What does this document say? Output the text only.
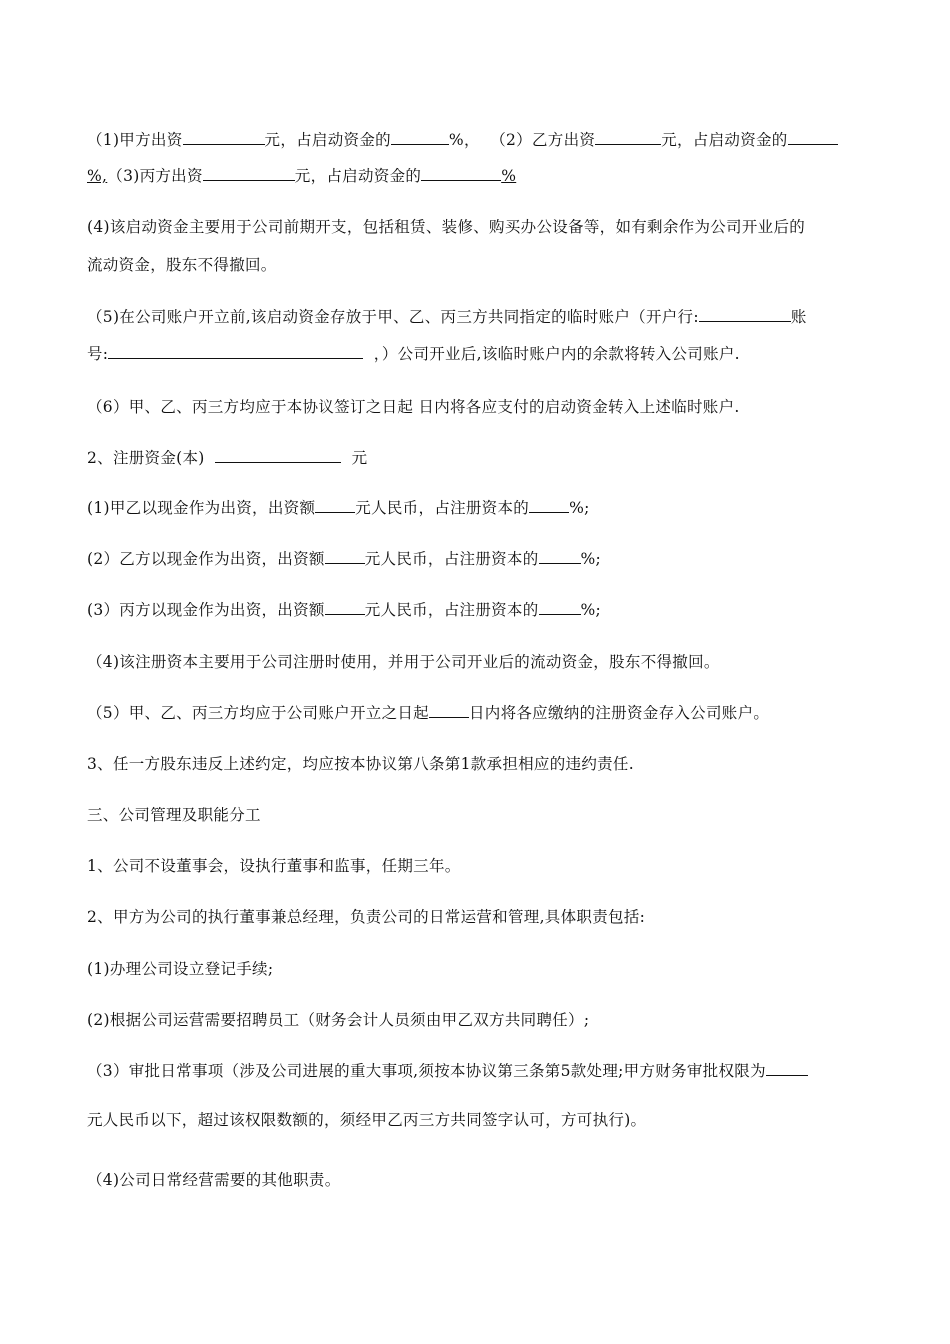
（1)甲方出资	元，占启动资金的	%， （2）乙方出资	元，占启动资金的
%,（3)丙方出资	元，占启动资金的	%
(4)该启动资金主要用于公司前期开支，包括租赁、装修、购买办公设备等，如有剩余作为公司开业后的
流动资金，股东不得撤回。
（5)在公司账户开立前,该启动资金存放于甲、乙、丙三方共同指定的临时账户（开户行:	账
号:	，）公司开业后,该临时账户内的余款将转入公司账户.
（6）甲、乙、丙三方均应于本协议签订之日起 日内将各应支付的启动资金转入上述临时账户.
2、注册资金(本)	元
(1)甲乙以现金作为出资，出资额	元人民币，占注册资本的	%;
(2）乙方以现金作为出资，出资额	元人民币，占注册资本的	%;
(3）丙方以现金作为出资，出资额	元人民币，占注册资本的	%;
（4)该注册资本主要用于公司注册时使用，并用于公司开业后的流动资金，股东不得撤回。
（5）甲、乙、丙三方均应于公司账户开立之日起	日内将各应缴纳的注册资金存入公司账户。
3、任一方股东违反上述约定，均应按本协议第八条第1款承担相应的违约责任.
三、公司管理及职能分工
1、公司不设董事会，设执行董事和监事，任期三年。
2、甲方为公司的执行董事兼总经理，负责公司的日常运营和管理,具体职责包括:
(1)办理公司设立登记手续;
(2)根据公司运营需要招聘员工（财务会计人员须由甲乙双方共同聘任）;
（3）审批日常事项（涉及公司进展的重大事项,须按本协议第三条第5款处理;甲方财务审批权限为
元人民币以下，超过该权限数额的，须经甲乙丙三方共同签字认可，方可执行)。
（4)公司日常经营需要的其他职责。
